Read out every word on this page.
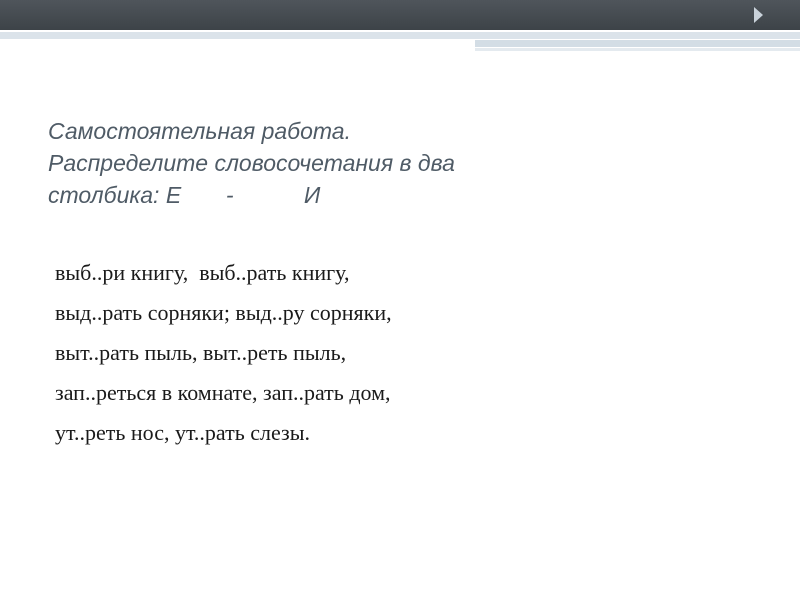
Самостоятельная работа.
Распределите словосочетания в два
столбика: Е       -           И
выб..ри книгу,  выб..рать книгу,
выд..рать сорняки; выд..ру сорняки,
выт..рать пыль, выт..реть пыль,
зап..реться в комнате, зап..рать дом,
ут..реть нос, ут..рать слезы.
